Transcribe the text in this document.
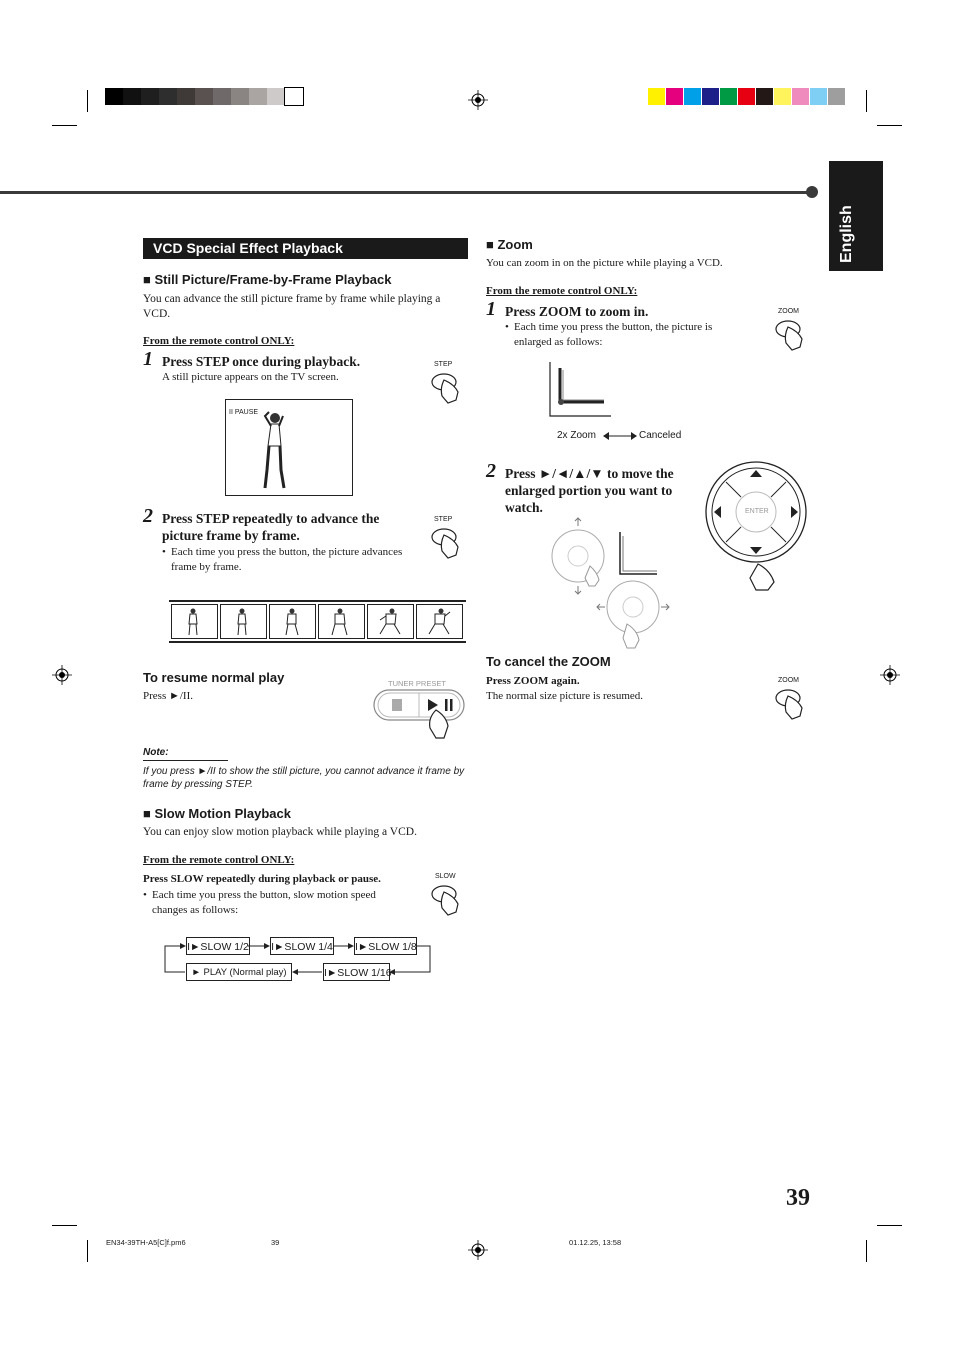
English
VCD Special Effect Playback
■ Still Picture/Frame-by-Frame Playback
You can advance the still picture frame by frame while playing a VCD.
From the remote control ONLY:
1 Press STEP once during playback.
A still picture appears on the TV screen.
STEP
II PAUSE
2 Press STEP repeatedly to advance the picture frame by frame.
• Each time you press the button, the picture advances frame by frame.
STEP
To resume normal play
Press ►/II.
TUNER PRESET
Note:
If you press ►/II to show the still picture, you cannot advance it frame by frame by pressing STEP.
■ Slow Motion Playback
You can enjoy slow motion playback while playing a VCD.
From the remote control ONLY:
Press SLOW repeatedly during playback or pause.
• Each time you press the button, slow motion speed changes as follows:
SLOW
I►SLOW 1/2 I►SLOW 1/4 I►SLOW 1/8
I►SLOW 1/16
► PLAY (Normal play)
■ Zoom
You can zoom in on the picture while playing a VCD.
From the remote control ONLY:
1 Press ZOOM to zoom in.
• Each time you press the button, the picture is enlarged as follows:
ZOOM
2x Zoom	Canceled
2 Press ►/◄/▲/▼ to move the enlarged portion you want to watch.	ENTER
To cancel the ZOOM
Press ZOOM again.
The normal size picture is resumed.
ZOOM
39
EN34-39TH-A5[C]f.pm6	39	01.12.25, 13:58
